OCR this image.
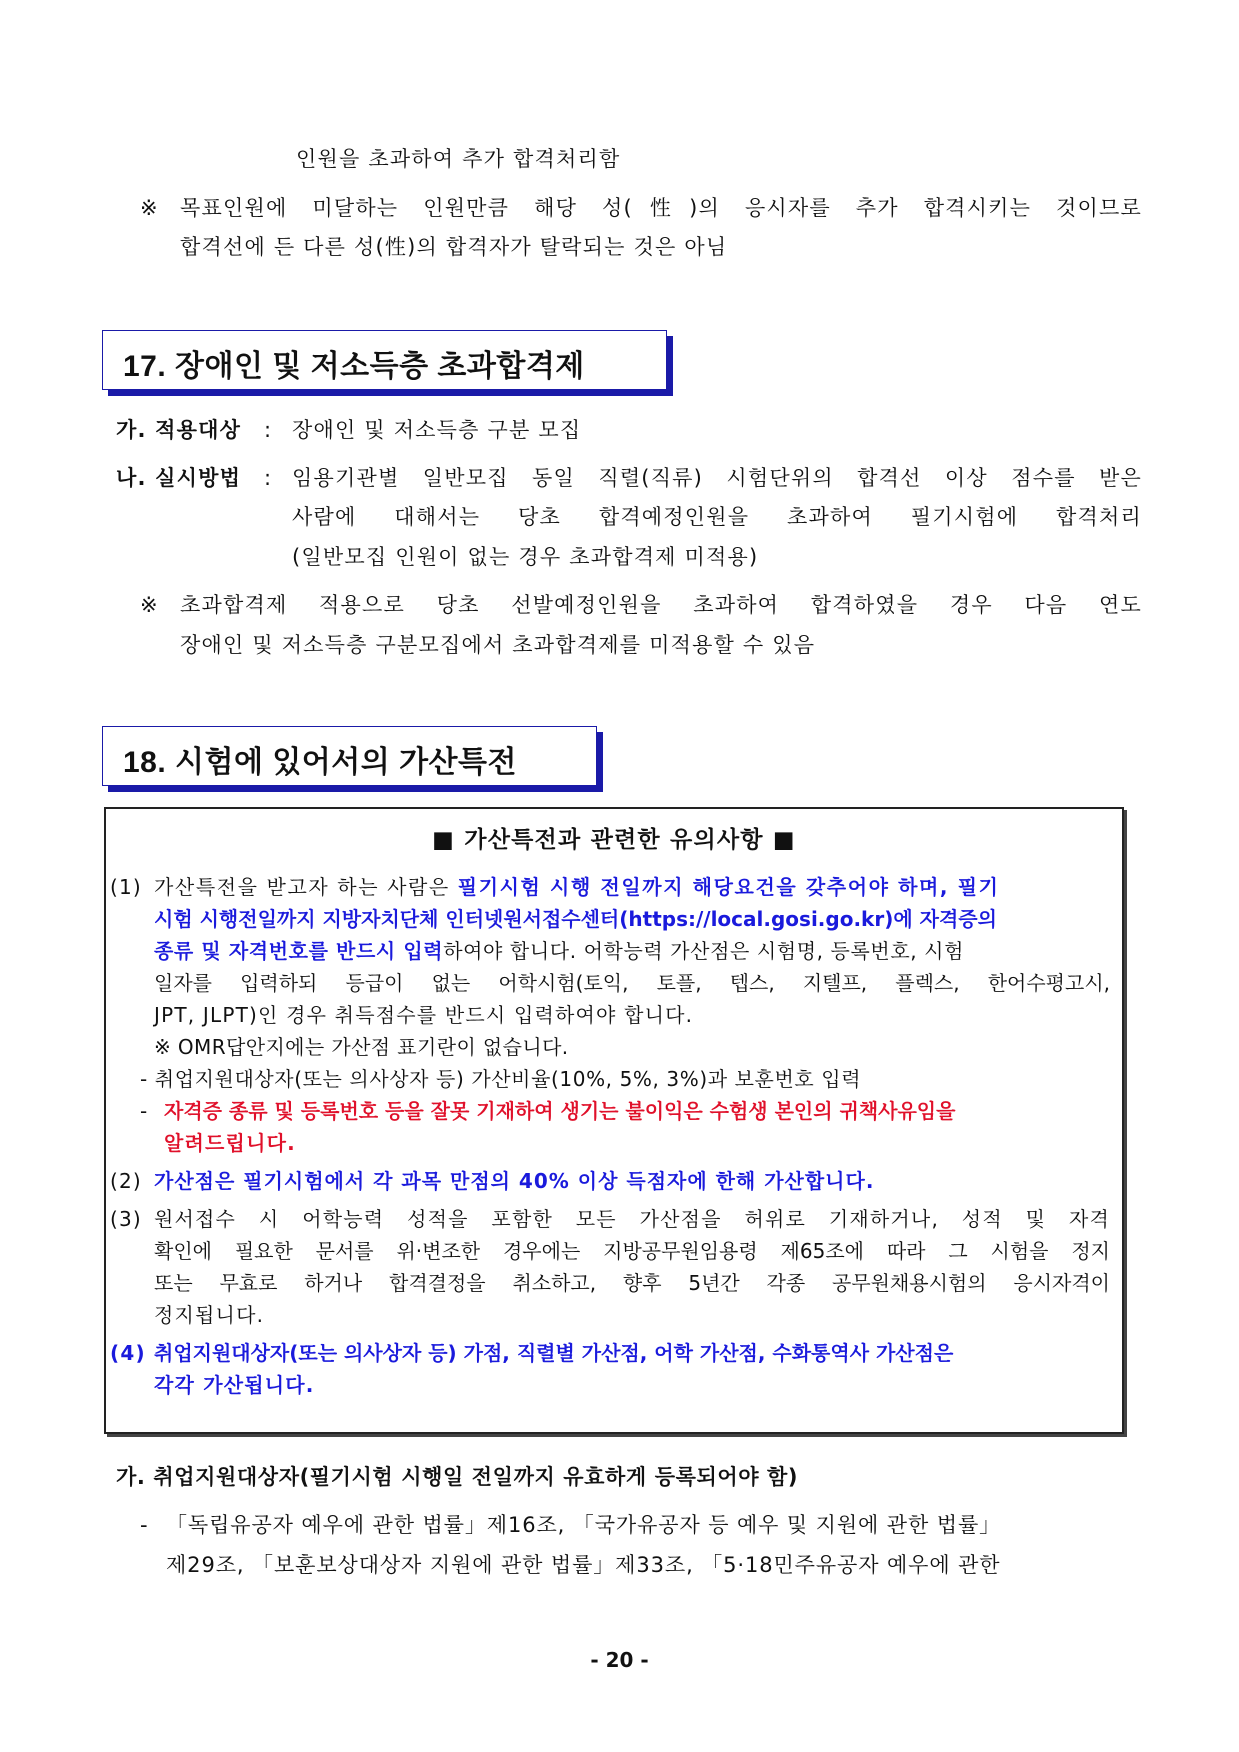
인원을 초과하여 추가 합격처리함
※ 목표인원에 미달하는 인원만큼 해당 성(性)의 응시자를 추가 합격시키는 것이므로
합격선에 든 다른 성(性)의 합격자가 탈락되는 것은 아님
17. 장애인 및 저소득층 초과합격제
가. 적용대상 : 장애인 및 저소득층 구분 모집
나. 실시방법 : 임용기관별 일반모집 동일 직렬(직류) 시험단위의 합격선 이상 점수를 받은
사람에 대해서는 당초 합격예정인원을 초과하여 필기시험에 합격처리
(일반모집 인원이 없는 경우 초과합격제 미적용)
※ 초과합격제 적용으로 당초 선발예정인원을 초과하여 합격하였을 경우 다음 연도
장애인 및 저소득층 구분모집에서 초과합격제를 미적용할 수 있음
18. 시험에 있어서의 가산특전
■ 가산특전과 관련한 유의사항 ■
(1) 가산특전을 받고자 하는 사람은 필기시험 시행 전일까지 해당요건을 갖추어야 하며, 필기
시험 시행전일까지 지방자치단체 인터넷원서접수센터(https://local.gosi.go.kr)에 자격증의
종류 및 자격번호를 반드시 입력하여야 합니다. 어학능력 가산점은 시험명, 등록번호, 시험
일자를 입력하되 등급이 없는 어학시험(토익, 토플, 텝스, 지텔프, 플렉스, 한어수평고시,
JPT, JLPT)인 경우 취득점수를 반드시 입력하여야 합니다.
※ OMR답안지에는 가산점 표기란이 없습니다.
- 취업지원대상자(또는 의사상자 등) 가산비율(10%, 5%, 3%)과 보훈번호 입력
- 자격증 종류 및 등록번호 등을 잘못 기재하여 생기는 불이익은 수험생 본인의 귀책사유임을
알려드립니다.
(2) 가산점은 필기시험에서 각 과목 만점의 40% 이상 득점자에 한해 가산합니다.
(3) 원서접수 시 어학능력 성적을 포함한 모든 가산점을 허위로 기재하거나, 성적 및 자격
확인에 필요한 문서를 위·변조한 경우에는 지방공무원임용령 제65조에 따라 그 시험을 정지
또는 무효로 하거나 합격결정을 취소하고, 향후 5년간 각종 공무원채용시험의 응시자격이
정지됩니다.
(4) 취업지원대상자(또는 의사상자 등) 가점, 직렬별 가산점, 어학 가산점, 수화통역사 가산점은
각각 가산됩니다.
가. 취업지원대상자(필기시험 시행일 전일까지 유효하게 등록되어야 함)
- 「독립유공자 예우에 관한 법률」제16조, 「국가유공자 등 예우 및 지원에 관한 법률」
제29조, 「보훈보상대상자 지원에 관한 법률」제33조, 「5·18민주유공자 예우에 관한
- 20 -
